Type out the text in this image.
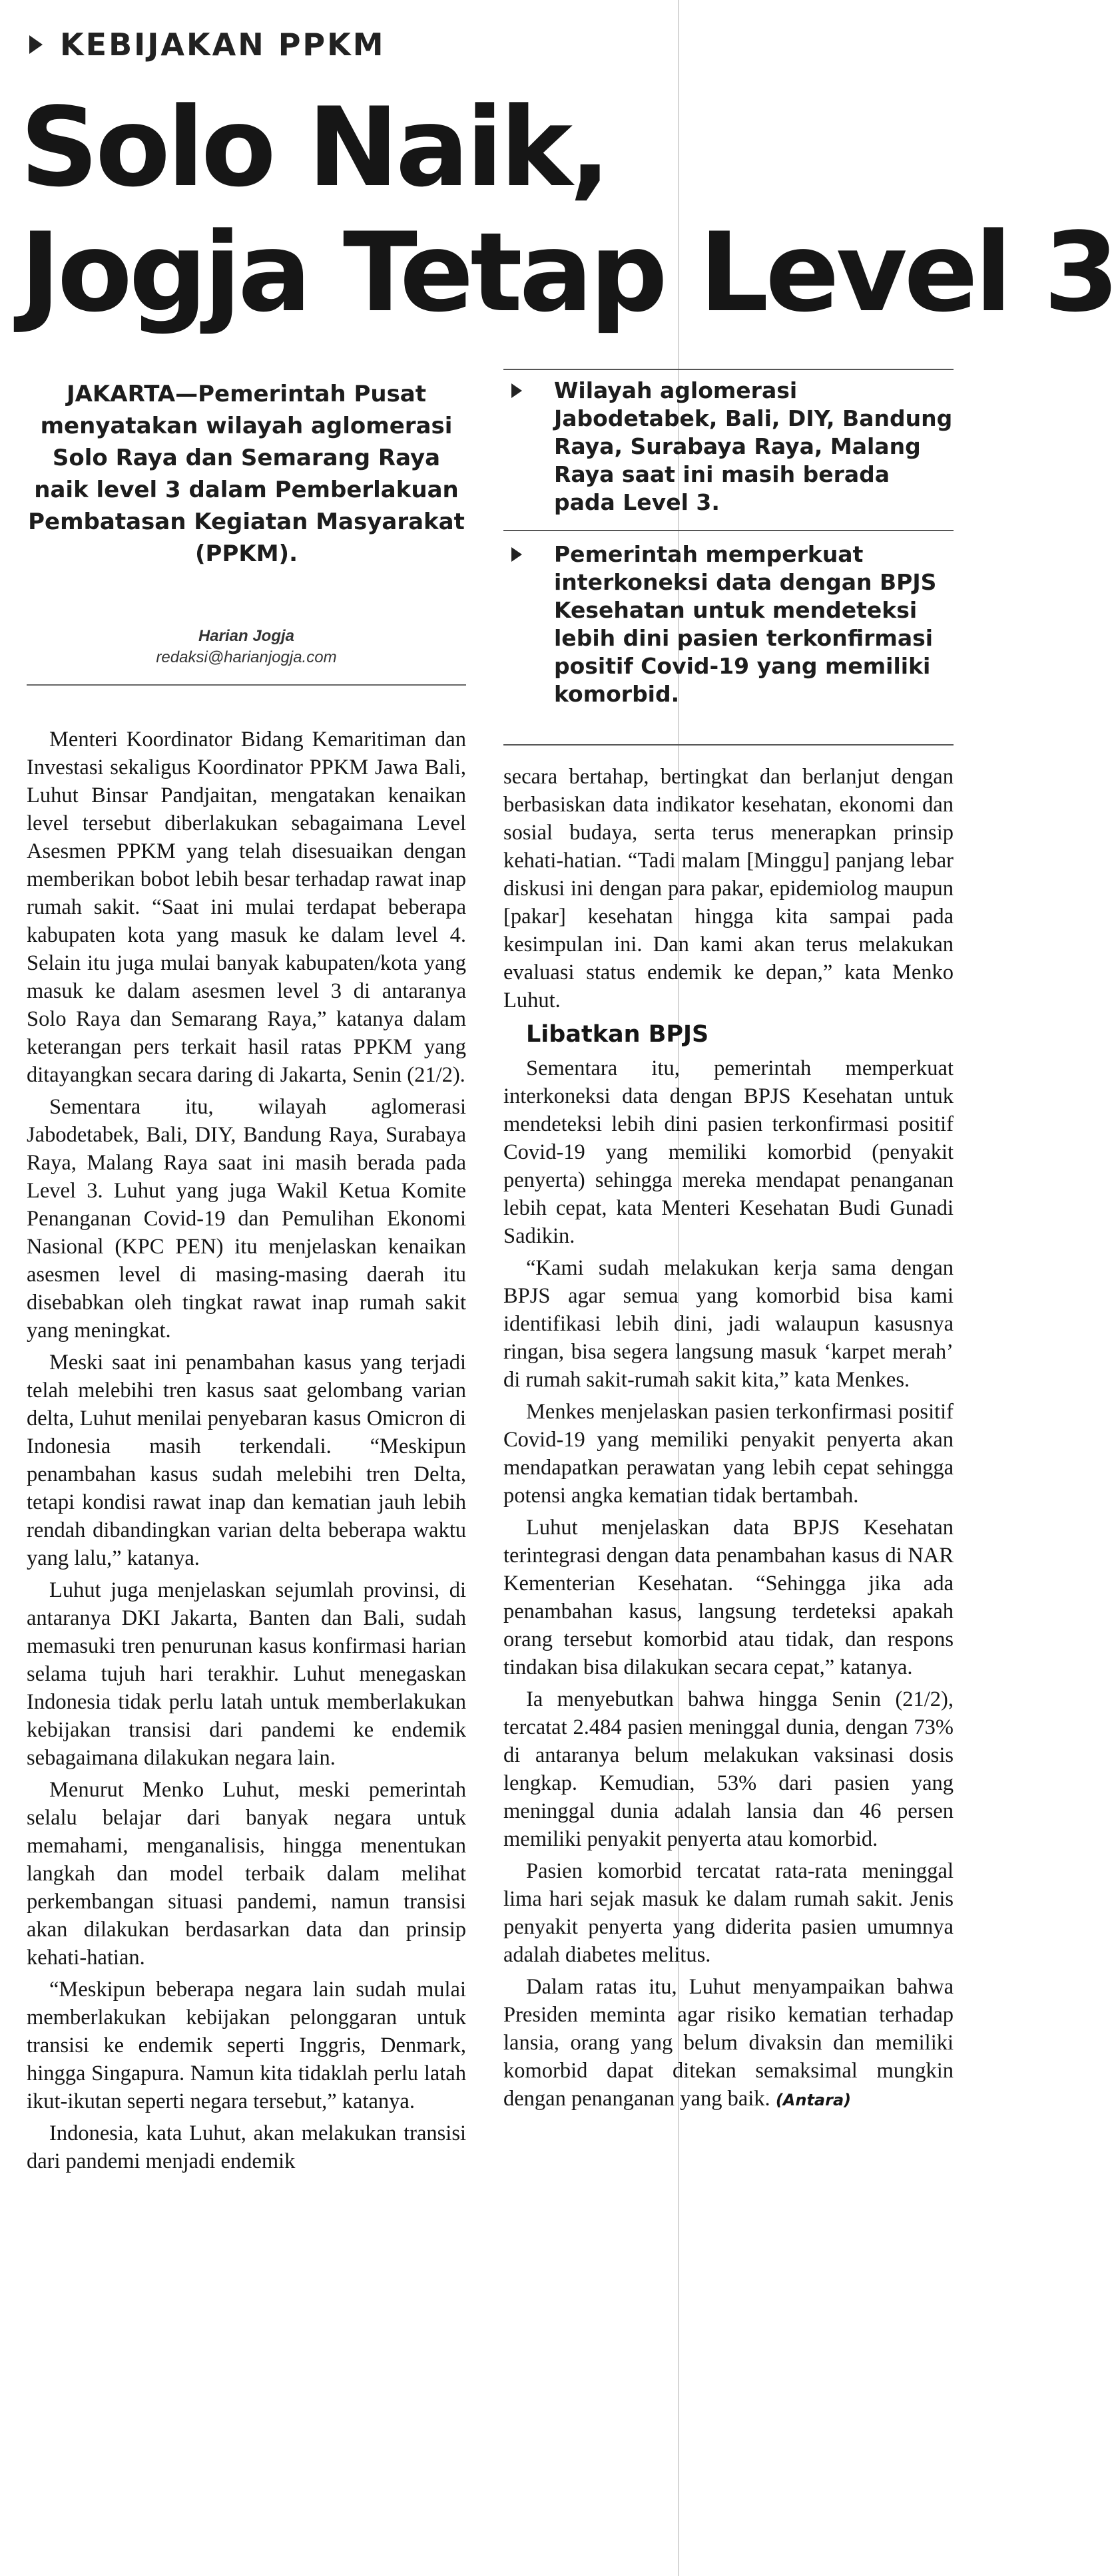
KEBIJAKAN PPKM
Solo Naik,
Jogja Tetap Level 3
JAKARTA—Pemerintah Pusat menyatakan wilayah aglomerasi Solo Raya dan Semarang Raya naik level 3 dalam Pemberlakuan Pembatasan Kegiatan Masyarakat (PPKM).
Harian Jogja
redaksi@harianjogja.com

Wilayah aglomerasi Jabodetabek, Bali, DIY, Bandung Raya, Surabaya Raya, Malang Raya saat ini masih berada pada Level 3.

Pemerintah memperkuat interkoneksi data dengan BPJS Kesehatan untuk mendeteksi lebih dini pasien terkonfirmasi positif Covid-19 yang memiliki komorbid.

Menteri Koordinator Bidang Kemaritiman dan Investasi sekaligus Koordinator PPKM Jawa Bali, Luhut Binsar Pandjaitan, mengatakan kenaikan level tersebut diberlakukan sebagaimana Level Asesmen PPKM yang telah disesuaikan dengan memberikan bobot lebih besar terhadap rawat inap rumah sakit. “Saat ini mulai terdapat beberapa kabupaten kota yang masuk ke dalam level 4. Selain itu juga mulai banyak kabupaten/kota yang masuk ke dalam asesmen level 3 di antaranya Solo Raya dan Semarang Raya,” katanya dalam keterangan pers terkait hasil ratas PPKM yang ditayangkan secara daring di Jakarta, Senin (21/2).

Sementara itu, wilayah aglomerasi Jabodetabek, Bali, DIY, Bandung Raya, Surabaya Raya, Malang Raya saat ini masih berada pada Level 3. Luhut yang juga Wakil Ketua Komite Penanganan Covid-19 dan Pemulihan Ekonomi Nasional (KPC PEN) itu menjelaskan kenaikan asesmen level di masing-masing daerah itu disebabkan oleh tingkat rawat inap rumah sakit yang meningkat.

Meski saat ini penambahan kasus yang terjadi telah melebihi tren kasus saat gelombang varian delta, Luhut menilai penyebaran kasus Omicron di Indonesia masih terkendali. “Meskipun penambahan kasus sudah melebihi tren Delta, tetapi kondisi rawat inap dan kematian jauh lebih rendah dibandingkan varian delta beberapa waktu yang lalu,” katanya.

Luhut juga menjelaskan sejumlah provinsi, di antaranya DKI Jakarta, Banten dan Bali, sudah memasuki tren penurunan kasus konfirmasi harian selama tujuh hari terakhir. Luhut menegaskan Indonesia tidak perlu latah untuk memberlakukan kebijakan transisi dari pandemi ke endemik sebagaimana dilakukan negara lain.

Menurut Menko Luhut, meski pemerintah selalu belajar dari banyak negara untuk memahami, menganalisis, hingga menentukan langkah dan model terbaik dalam melihat perkembangan situasi pandemi, namun transisi akan dilakukan berdasarkan data dan prinsip kehati-hatian.

“Meskipun beberapa negara lain sudah mulai memberlakukan kebijakan pelonggaran untuk transisi ke endemik seperti Inggris, Denmark, hingga Singapura. Namun kita tidaklah perlu latah ikut-ikutan seperti negara tersebut,” katanya.

Indonesia, kata Luhut, akan melakukan transisi dari pandemi menjadi endemik

secara bertahap, bertingkat dan berlanjut dengan berbasiskan data indikator kesehatan, ekonomi dan sosial budaya, serta terus menerapkan prinsip kehati-hatian. “Tadi malam [Minggu] panjang lebar diskusi ini dengan para pakar, epidemiolog maupun [pakar] kesehatan hingga kita sampai pada kesimpulan ini. Dan kami akan terus melakukan evaluasi status endemik ke depan,” kata Menko Luhut.

Libatkan BPJS

Sementara itu, pemerintah memperkuat interkoneksi data dengan BPJS Kesehatan untuk mendeteksi lebih dini pasien terkonfirmasi positif Covid-19 yang memiliki komorbid (penyakit penyerta) sehingga mereka mendapat penanganan lebih cepat, kata Menteri Kesehatan Budi Gunadi Sadikin.

“Kami sudah melakukan kerja sama dengan BPJS agar semua yang komorbid bisa kami identifikasi lebih dini, jadi walaupun kasusnya ringan, bisa segera langsung masuk ‘karpet merah’ di rumah sakit-rumah sakit kita,” kata Menkes.

Menkes menjelaskan pasien terkonfirmasi positif Covid-19 yang memiliki penyakit penyerta akan mendapatkan perawatan yang lebih cepat sehingga potensi angka kematian tidak bertambah.

Luhut menjelaskan data BPJS Kesehatan terintegrasi dengan data penambahan kasus di NAR Kementerian Kesehatan. “Sehingga jika ada penambahan kasus, langsung terdeteksi apakah orang tersebut komorbid atau tidak, dan respons tindakan bisa dilakukan secara cepat,” katanya.

Ia menyebutkan bahwa hingga Senin (21/2), tercatat 2.484 pasien meninggal dunia, dengan 73% di antaranya belum melakukan vaksinasi dosis lengkap. Kemudian, 53% dari pasien yang meninggal dunia adalah lansia dan 46 persen memiliki penyakit penyerta atau komorbid.

Pasien komorbid tercatat rata-rata meninggal lima hari sejak masuk ke dalam rumah sakit. Jenis penyakit penyerta yang diderita pasien umumnya adalah diabetes melitus.

Dalam ratas itu, Luhut menyampaikan bahwa Presiden meminta agar risiko kematian terhadap lansia, orang yang belum divaksin dan memiliki komorbid dapat ditekan semaksimal mungkin dengan penanganan yang baik. (Antara)
